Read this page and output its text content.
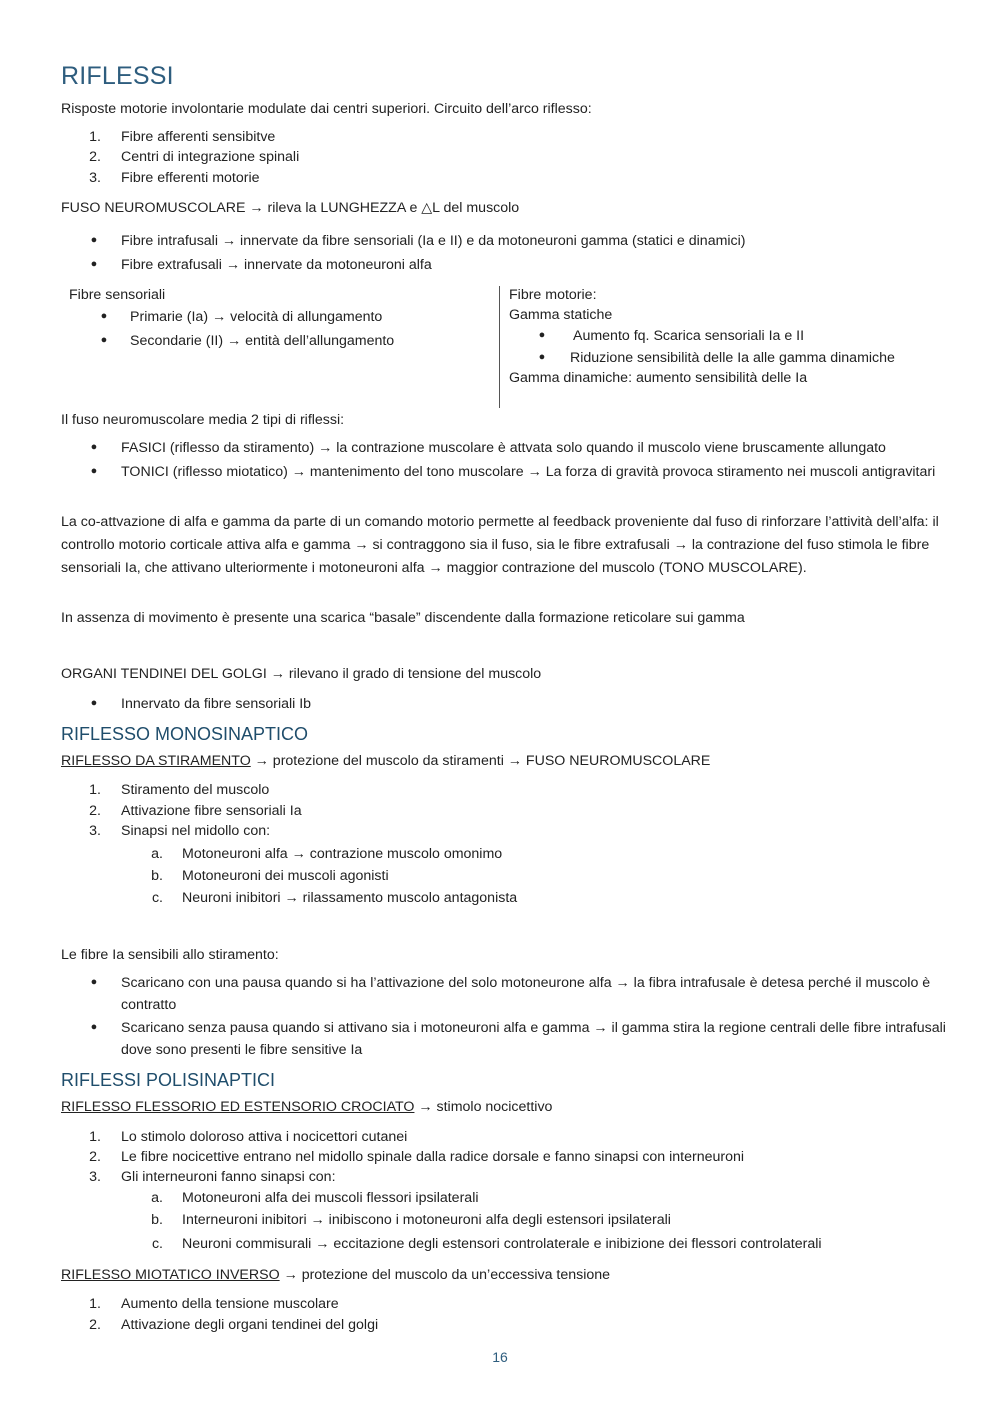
RIFLESSI
Risposte motorie involontarie modulate dai centri superiori. Circuito dell’arco riflesso:
1. Fibre afferenti sensibitve
2. Centri di integrazione spinali
3. Fibre efferenti motorie
FUSO NEUROMUSCOLARE → rileva la LUNGHEZZA e △L del muscolo
● Fibre intrafusali → innervate da fibre sensoriali (Ia e II) e da motoneuroni gamma (statici e dinamici)
● Fibre extrafusali → innervate da motoneuroni alfa
Fibre sensoriali
● Primarie (Ia) → velocità di allungamento
● Secondarie (II) → entità dell’allungamento
Fibre motorie:
Gamma statiche
● Aumento fq. Scarica sensoriali Ia e II
● Riduzione sensibilità delle Ia alle gamma dinamiche
Gamma dinamiche: aumento sensibilità delle Ia
Il fuso neuromuscolare media 2 tipi di riflessi:
● FASICI (riflesso da stiramento) → la contrazione muscolare è attvata solo quando il muscolo viene bruscamente allungato
● TONICI (riflesso miotatico) → mantenimento del tono muscolare → La forza di gravità provoca stiramento nei muscoli antigravitari
La co-attvazione di alfa e gamma da parte di un comando motorio permette al feedback proveniente dal fuso di rinforzare l’attività dell’alfa: il controllo motorio corticale attiva alfa e gamma → si contraggono sia il fuso, sia le fibre extrafusali → la contrazione del fuso stimola le fibre sensoriali Ia, che attivano ulteriormente i motoneuroni alfa → maggior contrazione del muscolo (TONO MUSCOLARE).
In assenza di movimento è presente una scarica “basale” discendente dalla formazione reticolare sui gamma
ORGANI TENDINEI DEL GOLGI → rilevano il grado di tensione del muscolo
● Innervato da fibre sensoriali Ib
RIFLESSO MONOSINAPTICO
RIFLESSO DA STIRAMENTO → protezione del muscolo da stiramenti → FUSO NEUROMUSCOLARE
1. Stiramento del muscolo
2. Attivazione fibre sensoriali Ia
3. Sinapsi nel midollo con:
a. Motoneuroni alfa → contrazione muscolo omonimo
b. Motoneuroni dei muscoli agonisti
c. Neuroni inibitori → rilassamento muscolo antagonista
Le fibre Ia sensibili allo stiramento:
● Scaricano con una pausa quando si ha l’attivazione del solo motoneurone alfa → la fibra intrafusale è detesa perché il muscolo è contratto
● Scaricano senza pausa quando si attivano sia i motoneuroni alfa e gamma → il gamma stira la regione centrali delle fibre intrafusali dove sono presenti le fibre sensitive Ia
RIFLESSI POLISINAPTICI
RIFLESSO FLESSORIO ED ESTENSORIO CROCIATO → stimolo nocicettivo
1. Lo stimolo doloroso attiva i nocicettori cutanei
2. Le fibre nocicettive entrano nel midollo spinale dalla radice dorsale e fanno sinapsi con interneuroni
3. Gli interneuroni fanno sinapsi con:
a. Motoneuroni alfa dei muscoli flessori ipsilaterali
b. Interneuroni inibitori → inibiscono i motoneuroni alfa degli estensori ipsilaterali
c. Neuroni commisurali → eccitazione degli estensori controlaterale e inibizione dei flessori controlaterali
RIFLESSO MIOTATICO INVERSO → protezione del muscolo da un’eccessiva tensione
1. Aumento della tensione muscolare
2. Attivazione degli organi tendinei del golgi
16
